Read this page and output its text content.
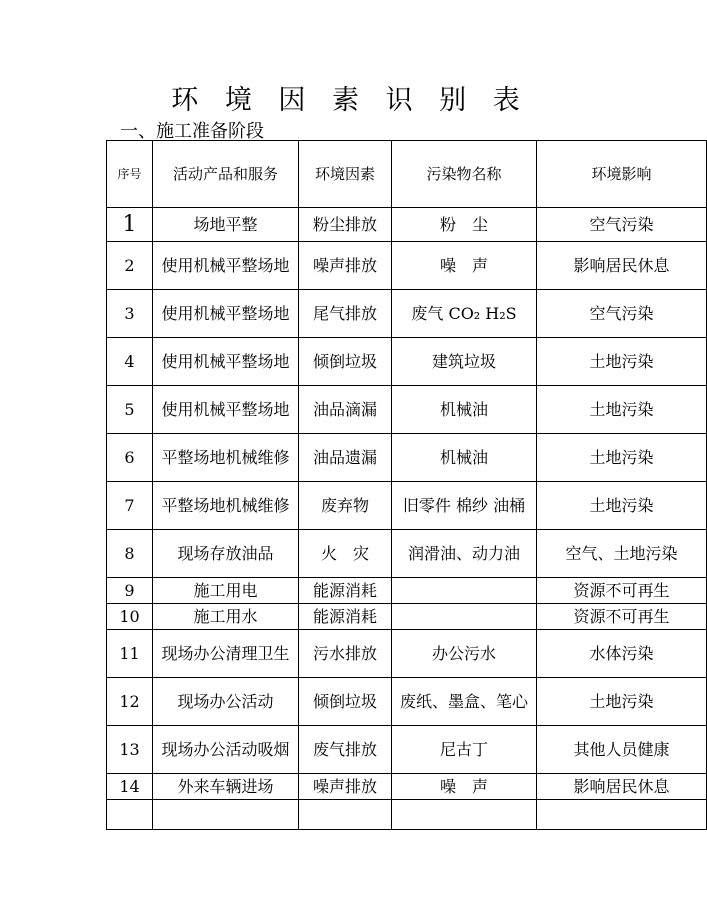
环 境 因 素 识 别 表
一、施工准备阶段
序号	活动产品和服务	环境因素	污染物名称	环境影响
1	场地平整	粉尘排放	粉　尘	空气污染
2	使用机械平整场地	噪声排放	噪　声	影响居民休息
3	使用机械平整场地	尾气排放	废气 CO₂ H₂S	空气污染
4	使用机械平整场地	倾倒垃圾	建筑垃圾	土地污染
5	使用机械平整场地	油品滴漏	机械油	土地污染
6	平整场地机械维修	油品遗漏	机械油	土地污染
7	平整场地机械维修	废弃物	旧零件 棉纱 油桶	土地污染
8	现场存放油品	火　灾	润滑油、动力油	空气、土地污染
9	施工用电	能源消耗		资源不可再生
10	施工用水	能源消耗		资源不可再生
11	现场办公清理卫生	污水排放	办公污水	水体污染
12	现场办公活动	倾倒垃圾	废纸、墨盒、笔心	土地污染
13	现场办公活动吸烟	废气排放	尼古丁	其他人员健康
14	外来车辆进场	噪声排放	噪　声	影响居民休息
